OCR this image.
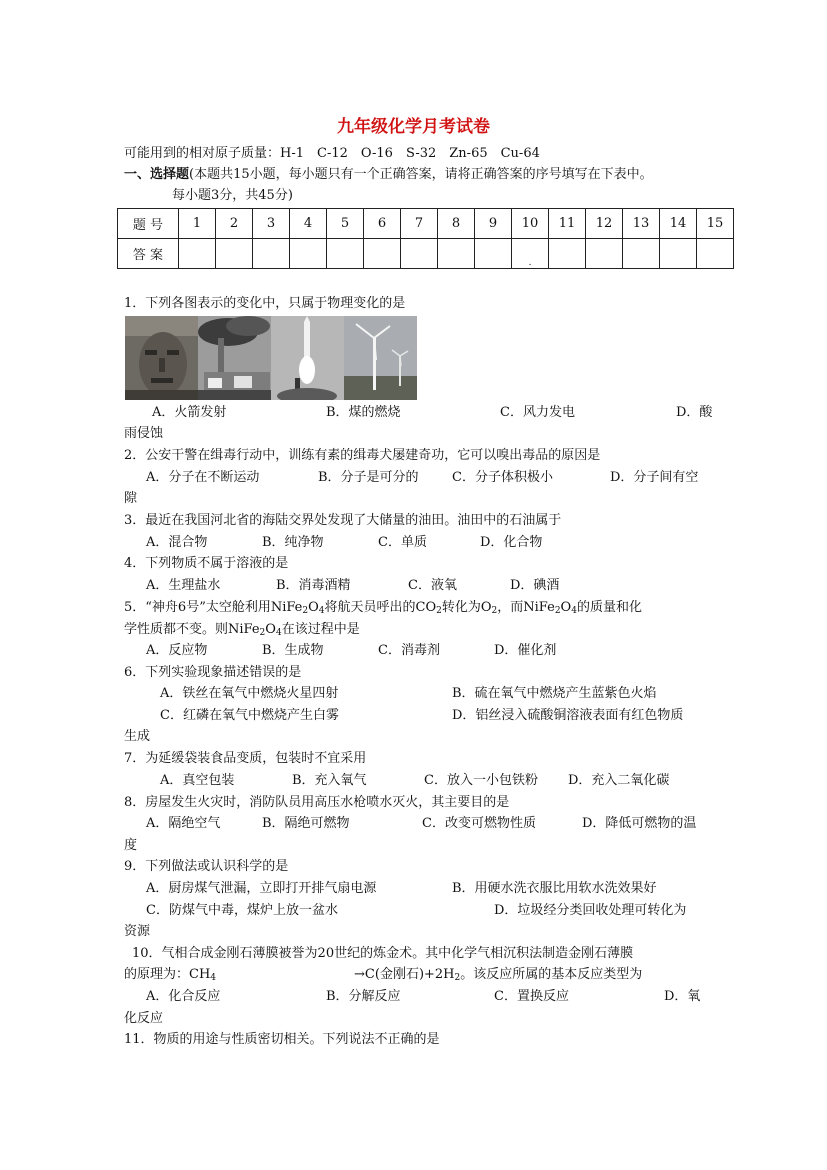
九年级化学月考试卷
可能用到的相对原子质量：H-1　C-12　O-16　S-32　Zn-65　Cu-64
一、选择题(本题共15小题，每小题只有一个正确答案，请将正确答案的序号填写在下表中。
每小题3分，共45分)
题 号	1	2	3	4	5	6	7	8	9	10	11	12	13	14	15
答 案										.					
1．下列各图表示的变化中，只属于物理变化的是
A．火箭发射	B．煤的燃烧	C．风力发电	D．酸
雨侵蚀
2．公安干警在缉毒行动中，训练有素的缉毒犬屡建奇功，它可以嗅出毒品的原因是
A．分子在不断运动	B．分子是可分的	C．分子体积极小	D．分子间有空
隙
3．最近在我国河北省的海陆交界处发现了大储量的油田。油田中的石油属于
A．混合物	B．纯净物	C．单质	D．化合物
4．下列物质不属于溶液的是
A．生理盐水	B．消毒酒精	C．液氧	D．碘酒
5．“神舟6号”太空舱利用$NiFe_2O_4$将航天员呼出的$CO_2$转化为$O_2$，而$NiFe_2O_4$的质量和化
学性质都不变。则$NiFe_2O_4$在该过程中是
A．反应物	B．生成物	C．消毒剂	D．催化剂
6．下列实验现象描述错误的是
A．铁丝在氧气中燃烧火星四射	B．硫在氧气中燃烧产生蓝紫色火焰
C．红磷在氧气中燃烧产生白雾	D．铝丝浸入硫酸铜溶液表面有红色物质
生成
7．为延缓袋装食品变质，包装时不宜采用
A．真空包装	B．充入氧气	C．放入一小包铁粉 D．充入二氧化碳
8．房屋发生火灾时，消防队员用高压水枪喷水灭火，其主要目的是
A．隔绝空气	B．隔绝可燃物	C．改变可燃物性质	D．降低可燃物的温
度
9．下列做法或认识科学的是
A．厨房煤气泄漏，立即打开排气扇电源	B．用硬水洗衣服比用软水洗效果好
C．防煤气中毒，煤炉上放一盆水	D．垃圾经分类回收处理可转化为
资源
10．气相合成金刚石薄膜被誉为20世纪的炼金术。其中化学气相沉积法制造金刚石薄膜
的原理为：$CH_4$	→C(金刚石)$+2H_2$。该反应所属的基本反应类型为
A．化合反应	B．分解反应	C．置换反应	D．氧
化反应
11．物质的用途与性质密切相关。下列说法不正确的是
